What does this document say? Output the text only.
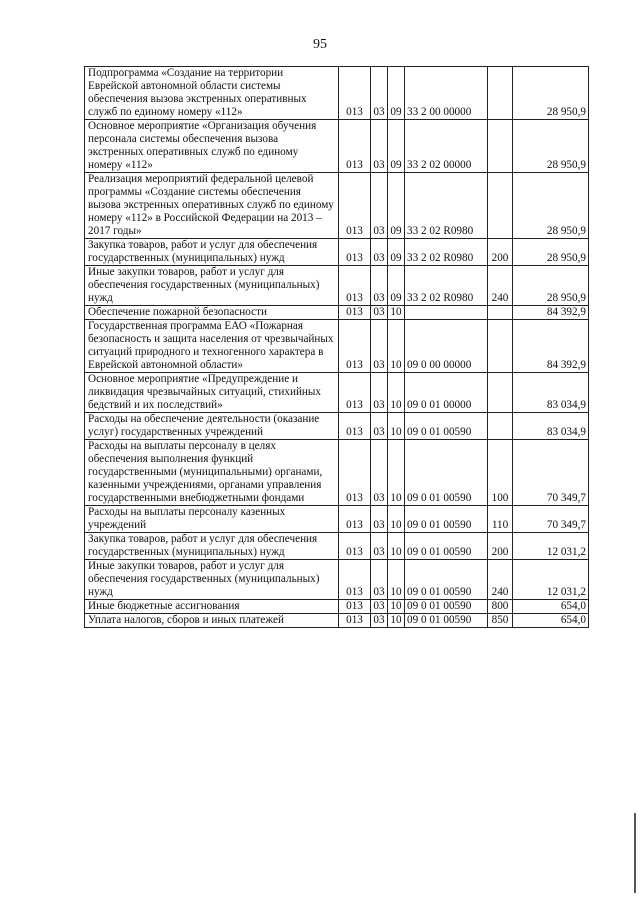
95
Подпрограмма «Создание на территории Еврейской автономной области системы обеспечения вызова экстренных оперативных служб по единому номеру «112»	013	03	09	33 2 00 00000		28 950,9
Основное мероприятие «Организация обучения персонала системы обеспечения вызова экстренных оперативных служб по единому номеру «112»	013	03	09	33 2 02 00000		28 950,9
Реализация мероприятий федеральной целевой программы «Создание системы обеспечения вызова экстренных оперативных служб по единому номеру «112» в Российской Федерации на 2013 – 2017 годы»	013	03	09	33 2 02 R0980		28 950,9
Закупка товаров, работ и услуг для обеспечения государственных (муниципальных) нужд	013	03	09	33 2 02 R0980	200	28 950,9
Иные закупки товаров, работ и услуг для обеспечения государственных (муниципальных) нужд	013	03	09	33 2 02 R0980	240	28 950,9
Обеспечение пожарной безопасности	013	03	10			84 392,9
Государственная программа ЕАО «Пожарная безопасность и защита населения от чрезвычайных ситуаций природного и техногенного характера в Еврейской автономной области»	013	03	10	09 0 00 00000		84 392,9
Основное мероприятие «Предупреждение и ликвидация чрезвычайных ситуаций, стихийных бедствий и их последствий»	013	03	10	09 0 01 00000		83 034,9
Расходы на обеспечение деятельности (оказание услуг) государственных учреждений	013	03	10	09 0 01 00590		83 034,9
Расходы на выплаты персоналу в целях обеспечения выполнения функций государственными (муниципальными) органами, казенными учреждениями, органами управления государственными внебюджетными фондами	013	03	10	09 0 01 00590	100	70 349,7
Расходы на выплаты персоналу казенных учреждений	013	03	10	09 0 01 00590	110	70 349,7
Закупка товаров, работ и услуг для обеспечения государственных (муниципальных) нужд	013	03	10	09 0 01 00590	200	12 031,2
Иные закупки товаров, работ и услуг для обеспечения государственных (муниципальных) нужд	013	03	10	09 0 01 00590	240	12 031,2
Иные бюджетные ассигнования	013	03	10	09 0 01 00590	800	654,0
Уплата налогов, сборов и иных платежей	013	03	10	09 0 01 00590	850	654,0
